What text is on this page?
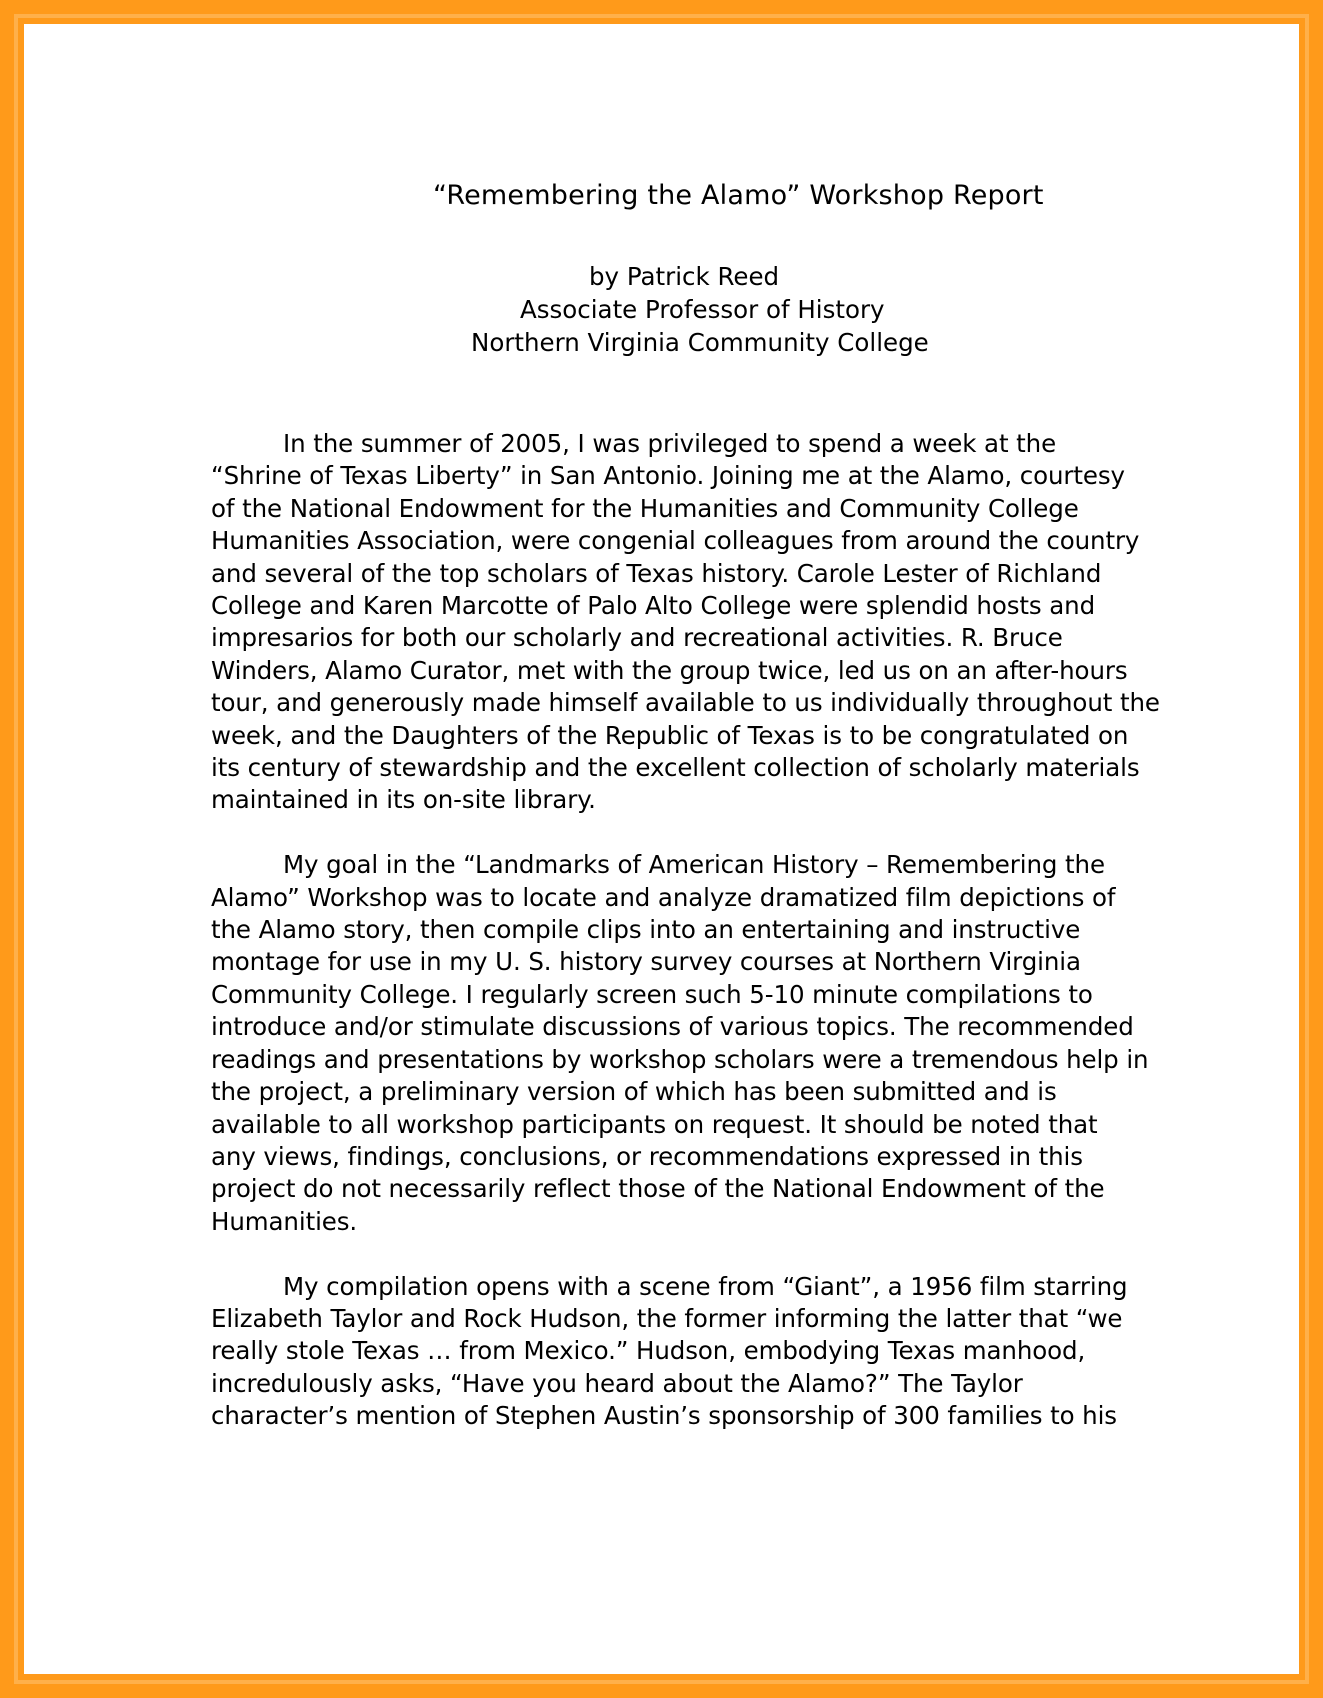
“Remembering the Alamo” Workshop Report
by Patrick Reed
Associate Professor of History
Northern Virginia Community College
In the summer of 2005, I was privileged to spend a week at the
“Shrine of Texas Liberty” in San Antonio. Joining me at the Alamo, courtesy
of the National Endowment for the Humanities and Community College
Humanities Association, were congenial colleagues from around the country
and several of the top scholars of Texas history. Carole Lester of Richland
College and Karen Marcotte of Palo Alto College were splendid hosts and
impresarios for both our scholarly and recreational activities. R. Bruce
Winders, Alamo Curator, met with the group twice, led us on an after-hours
tour, and generously made himself available to us individually throughout the
week, and the Daughters of the Republic of Texas is to be congratulated on
its century of stewardship and the excellent collection of scholarly materials
maintained in its on-site library.
My goal in the “Landmarks of American History – Remembering the
Alamo” Workshop was to locate and analyze dramatized film depictions of
the Alamo story, then compile clips into an entertaining and instructive
montage for use in my U. S. history survey courses at Northern Virginia
Community College. I regularly screen such 5-10 minute compilations to
introduce and/or stimulate discussions of various topics. The recommended
readings and presentations by workshop scholars were a tremendous help in
the project, a preliminary version of which has been submitted and is
available to all workshop participants on request. It should be noted that
any views, findings, conclusions, or recommendations expressed in this
project do not necessarily reflect those of the National Endowment of the
Humanities.
My compilation opens with a scene from “Giant”, a 1956 film starring
Elizabeth Taylor and Rock Hudson, the former informing the latter that “we
really stole Texas … from Mexico.” Hudson, embodying Texas manhood,
incredulously asks, “Have you heard about the Alamo?” The Taylor
character’s mention of Stephen Austin’s sponsorship of 300 families to his
